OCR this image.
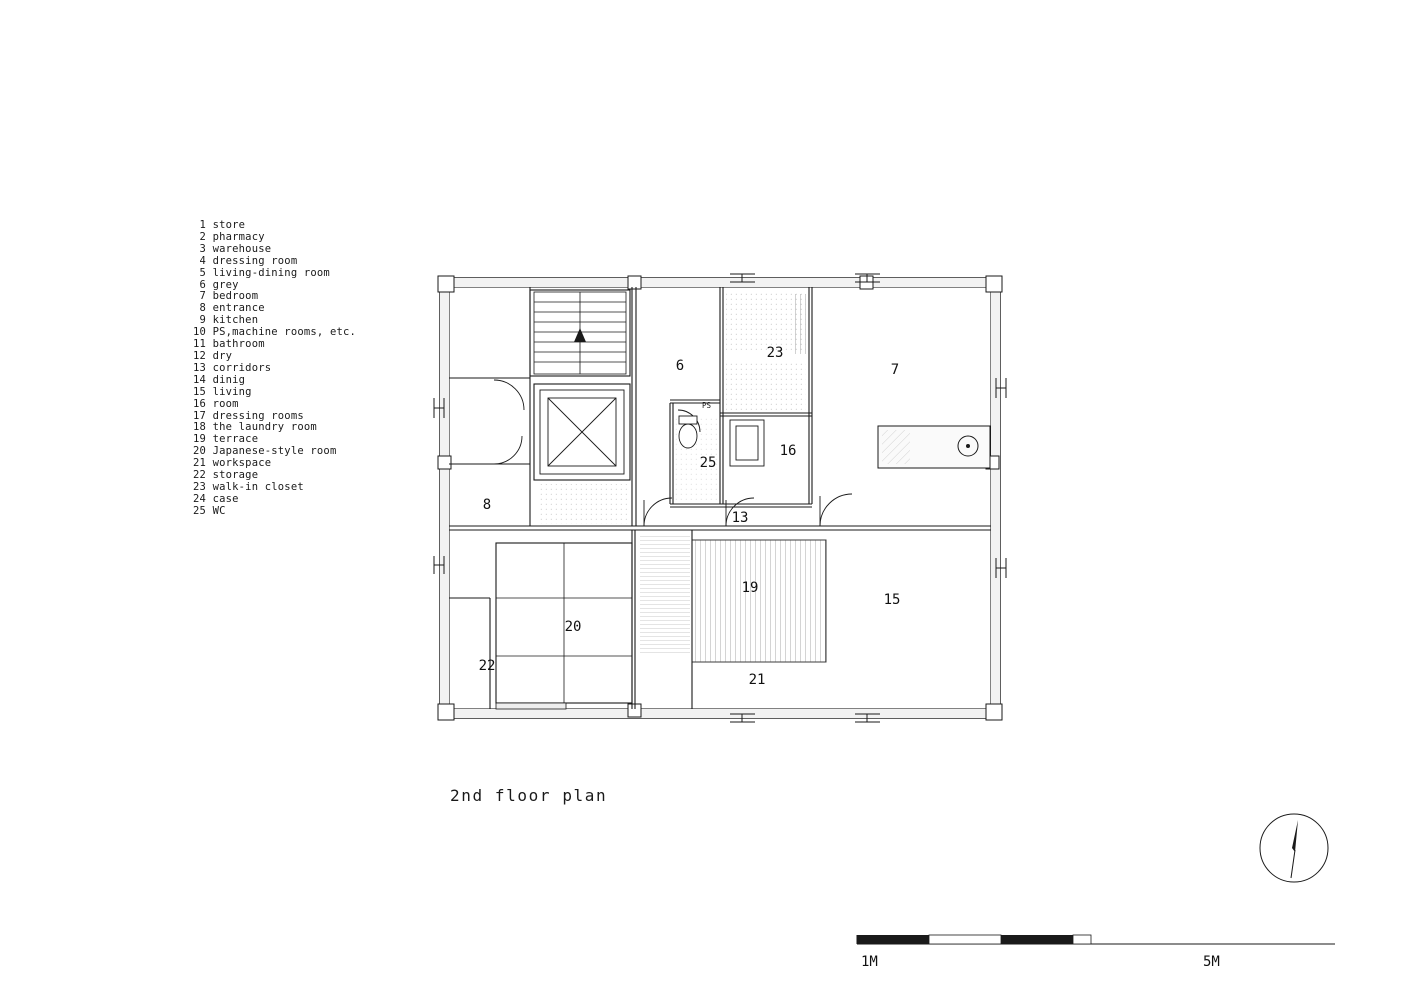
1 store
2 pharmacy
3 warehouse
4 dressing room
5 living-dining room
6 grey
7 bedroom
8 entrance
9 kitchen
10 PS,machine rooms, etc.
11 bathroom
12 dry
13 corridors
14 dinig
15 living
16 room
17 dressing rooms
18 the laundry room
19 terrace
20 Japanese-style room
21 workspace
22 storage
23 walk-in closet
24 case
25 WC
PS
6
23
7
16
25
8
13
19
15
20
22
21
2nd floor plan
1M	5M
